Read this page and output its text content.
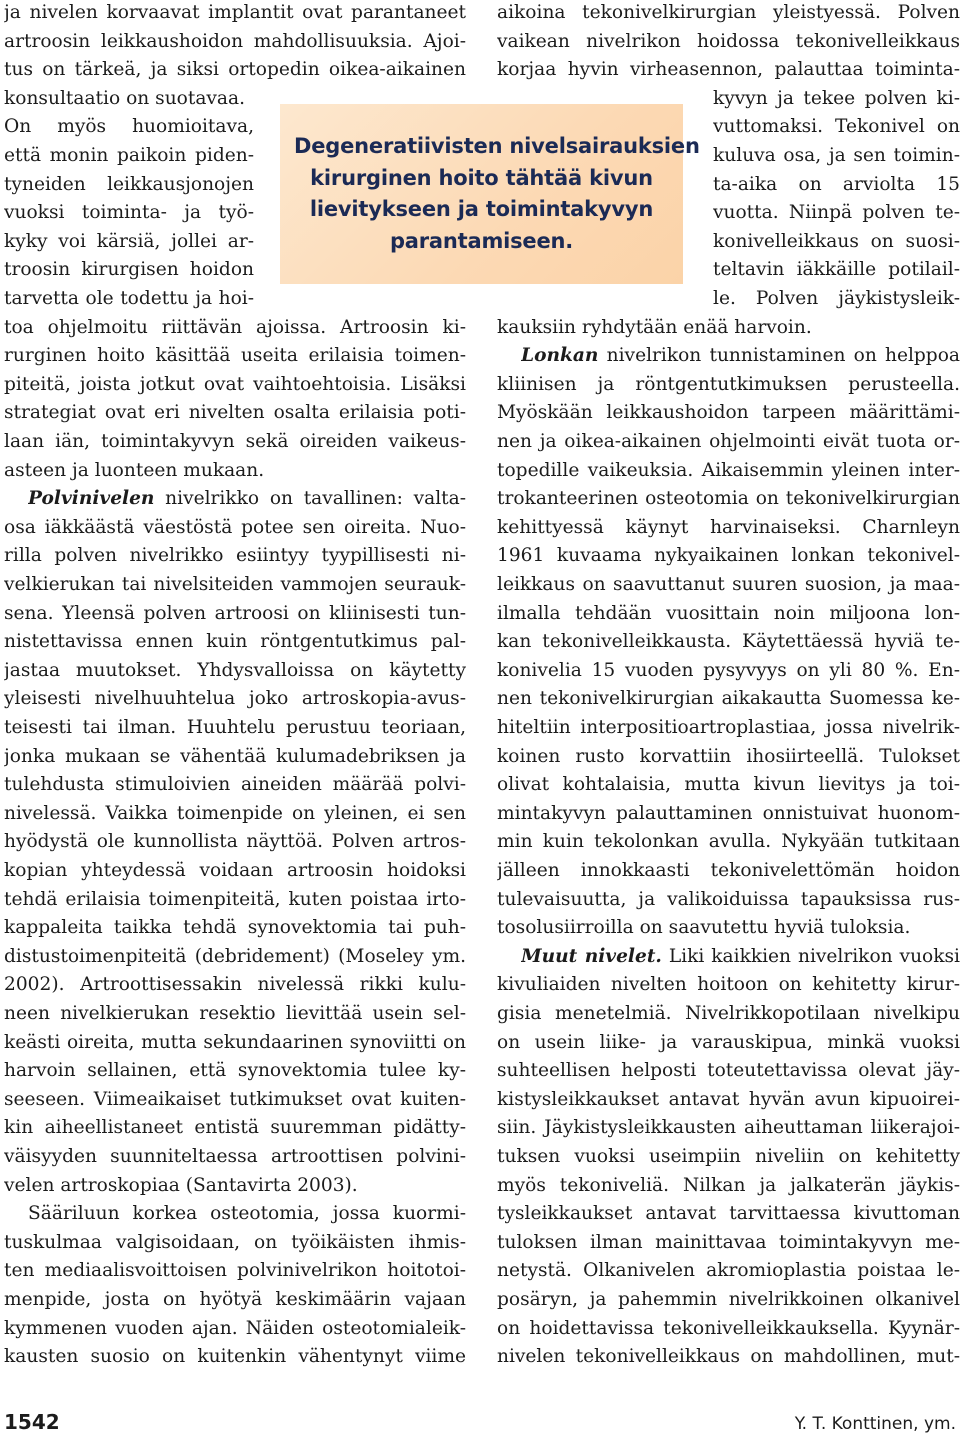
ja nivelen korvaavat implantit ovat parantaneet
artroosin leikkaushoidon mahdollisuuksia. Ajoi-
tus on tärkeä, ja siksi ortopedin oikea-aikainen
konsultaatio on suotavaa.
On myös huomioitava,
että monin paikoin piden-
tyneiden leikkausjonojen
vuoksi toiminta- ja työ-
kyky voi kärsiä, jollei ar-
troosin kirurgisen hoidon
tarvetta ole todettu ja hoi-
toa ohjelmoitu riittävän ajoissa. Artroosin ki-
rurginen hoito käsittää useita erilaisia toimen-
piteitä, joista jotkut ovat vaihtoehtoisia. Lisäksi
strategiat ovat eri nivelten osalta erilaisia poti-
laan iän, toimintakyvyn sekä oireiden vaikeus-
asteen ja luonteen mukaan.
Polvinivelen nivelrikko on tavallinen: valta-
osa iäkkäästä väestöstä potee sen oireita. Nuo-
rilla polven nivelrikko esiintyy tyypillisesti ni-
velkierukan tai nivelsiteiden vammojen seurauk-
sena. Yleensä polven artroosi on kliinisesti tun-
nistettavissa ennen kuin röntgentutkimus pal-
jastaa muutokset. Yhdysvalloissa on käytetty
yleisesti nivelhuuhtelua joko artroskopia-avus-
teisesti tai ilman. Huuhtelu perustuu teoriaan,
jonka mukaan se vähentää kulumadebriksen ja
tulehdusta stimuloivien aineiden määrää polvi-
nivelessä. Vaikka toimenpide on yleinen, ei sen
hyödystä ole kunnollista näyttöä. Polven artros-
kopian yhteydessä voidaan artroosin hoidoksi
tehdä erilaisia toimenpiteitä, kuten poistaa irto-
kappaleita taikka tehdä synovektomia tai puh-
distustoimenpiteitä (debridement) (Moseley ym.
2002). Artroottisessakin nivelessä rikki kulu-
neen nivelkierukan resektio lievittää usein sel-
keästi oireita, mutta sekundaarinen synoviitti on
harvoin sellainen, että synovektomia tulee ky-
seeseen. Viimeaikaiset tutkimukset ovat kuiten-
kin aiheellistaneet entistä suuremman pidätty-
väisyyden suunniteltaessa artroottisen polvini-
velen artroskopiaa (Santavirta 2003).
Sääriluun korkea osteotomia, jossa kuormi-
tuskulmaa valgisoidaan, on työikäisten ihmis-
ten mediaalisvoittoisen polvinivelrikon hoitotoi-
menpide, josta on hyötyä keskimäärin vajaan
kymmenen vuoden ajan. Näiden osteotomialeik-
kausten suosio on kuitenkin vähentynyt viime
aikoina tekonivelkirurgian yleistyessä. Polven
vaikean nivelrikon hoidossa tekonivelleikkaus
korjaa hyvin virheasennon, palauttaa toiminta-
kyvyn ja tekee polven ki-
vuttomaksi. Tekonivel on
kuluva osa, ja sen toimin-
ta-aika on arviolta 15
vuotta. Niinpä polven te-
konivelleikkaus on suosi-
teltavin iäkkäille potilail-
le. Polven jäykistysleik-
kauksiin ryhdytään enää harvoin.
Lonkan nivelrikon tunnistaminen on helppoa
kliinisen ja röntgentutkimuksen perusteella.
Myöskään leikkaushoidon tarpeen määrittämi-
nen ja oikea-aikainen ohjelmointi eivät tuota or-
topedille vaikeuksia. Aikaisemmin yleinen inter-
trokanteerinen osteotomia on tekonivelkirurgian
kehittyessä käynyt harvinaiseksi. Charnleyn
1961 kuvaama nykyaikainen lonkan tekonivel-
leikkaus on saavuttanut suuren suosion, ja maa-
ilmalla tehdään vuosittain noin miljoona lon-
kan tekonivelleikkausta. Käytettäessä hyviä te-
konivelia 15 vuoden pysyvyys on yli 80 %. En-
nen tekonivelkirurgian aikakautta Suomessa ke-
hiteltiin interpositioartroplastiaa, jossa nivelrik-
koinen rusto korvattiin ihosiirteellä. Tulokset
olivat kohtalaisia, mutta kivun lievitys ja toi-
mintakyvyn palauttaminen onnistuivat huonom-
min kuin tekolonkan avulla. Nykyään tutkitaan
jälleen innokkaasti tekonivelettömän hoidon
tulevaisuutta, ja valikoiduissa tapauksissa rus-
tosolusiirroilla on saavutettu hyviä tuloksia.
Muut nivelet. Liki kaikkien nivelrikon vuoksi
kivuliaiden nivelten hoitoon on kehitetty kirur-
gisia menetelmiä. Nivelrikkopotilaan nivelkipu
on usein liike- ja varauskipua, minkä vuoksi
suhteellisen helposti toteutettavissa olevat jäy-
kistysleikkaukset antavat hyvän avun kipuoirei-
siin. Jäykistysleikkausten aiheuttaman liikerajoi-
tuksen vuoksi useimpiin niveliin on kehitetty
myös tekoniveliä. Nilkan ja jalkaterän jäykis-
tysleikkaukset antavat tarvittaessa kivuttoman
tuloksen ilman mainittavaa toimintakyvyn me-
netystä. Olkanivelen akromioplastia poistaa le-
posäryn, ja pahemmin nivelrikkoinen olkanivel
on hoidettavissa tekonivelleikkauksella. Kyynär-
nivelen tekonivelleikkaus on mahdollinen, mut-
Degeneratiivisten nivelsairauksien
kirurginen hoito tähtää kivun
lievitykseen ja toimintakyvyn
parantamiseen.
1542	Y. T. Konttinen, ym.
